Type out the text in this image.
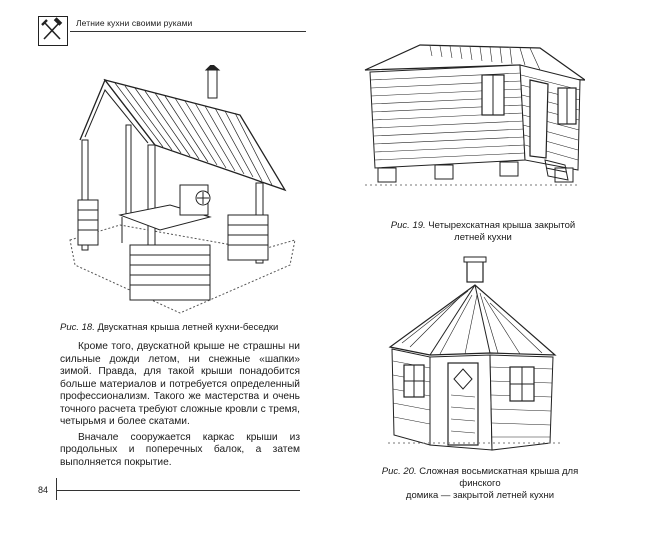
Летние кухни своими руками
Рис. 18. Двускатная крыша летней кухни-беседки
Рис. 19. Четырехскатная крыша закрытой
летней кухни
Рис. 20. Сложная восьмискатная крыша для финского
домика — закрытой летней кухни

Кроме того, двускатной крыше не страшны ни сильные дожди летом, ни снежные «шапки» зимой. Правда, для такой крыши понадобится больше материалов и потребуется определенный профессионализм. Такого же мастерства и очень точного расчета требуют сложные кровли с тремя, четырьмя и более скатами.

Вначале сооружается каркас крыши из продольных и поперечных балок, а затем выполняется покрытие.

84
